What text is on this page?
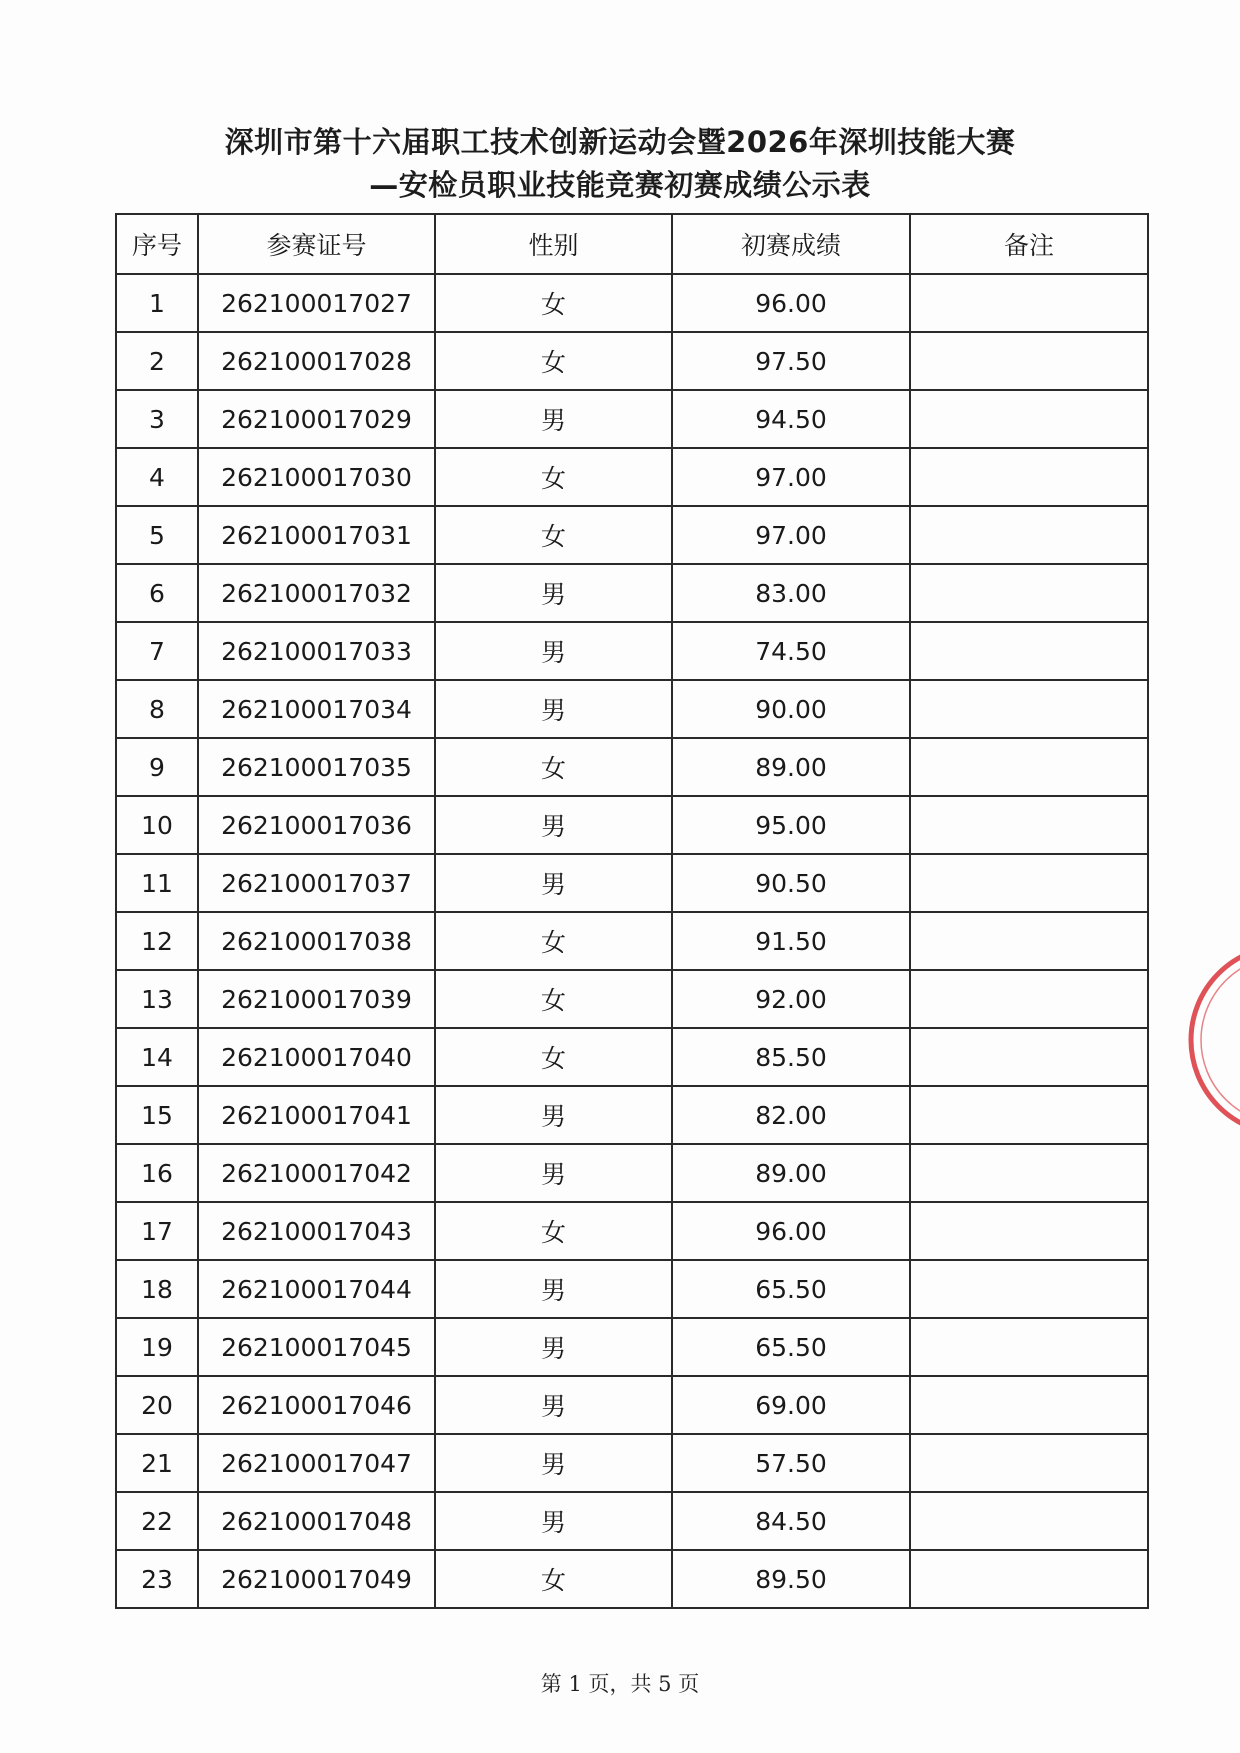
深圳市第十六届职工技术创新运动会暨2026年深圳技能大赛
—安检员职业技能竞赛初赛成绩公示表
序号	参赛证号	性别	初赛成绩	备注
1	262100017027	女	96.00	
2	262100017028	女	97.50	
3	262100017029	男	94.50	
4	262100017030	女	97.00	
5	262100017031	女	97.00	
6	262100017032	男	83.00	
7	262100017033	男	74.50	
8	262100017034	男	90.00	
9	262100017035	女	89.00	
10	262100017036	男	95.00	
11	262100017037	男	90.50	
12	262100017038	女	91.50	
13	262100017039	女	92.00	
14	262100017040	女	85.50	
15	262100017041	男	82.00	
16	262100017042	男	89.00	
17	262100017043	女	96.00	
18	262100017044	男	65.50	
19	262100017045	男	65.50	
20	262100017046	男	69.00	
21	262100017047	男	57.50	
22	262100017048	男	84.50	
23	262100017049	女	89.50	
第 1 页，共 5 页
